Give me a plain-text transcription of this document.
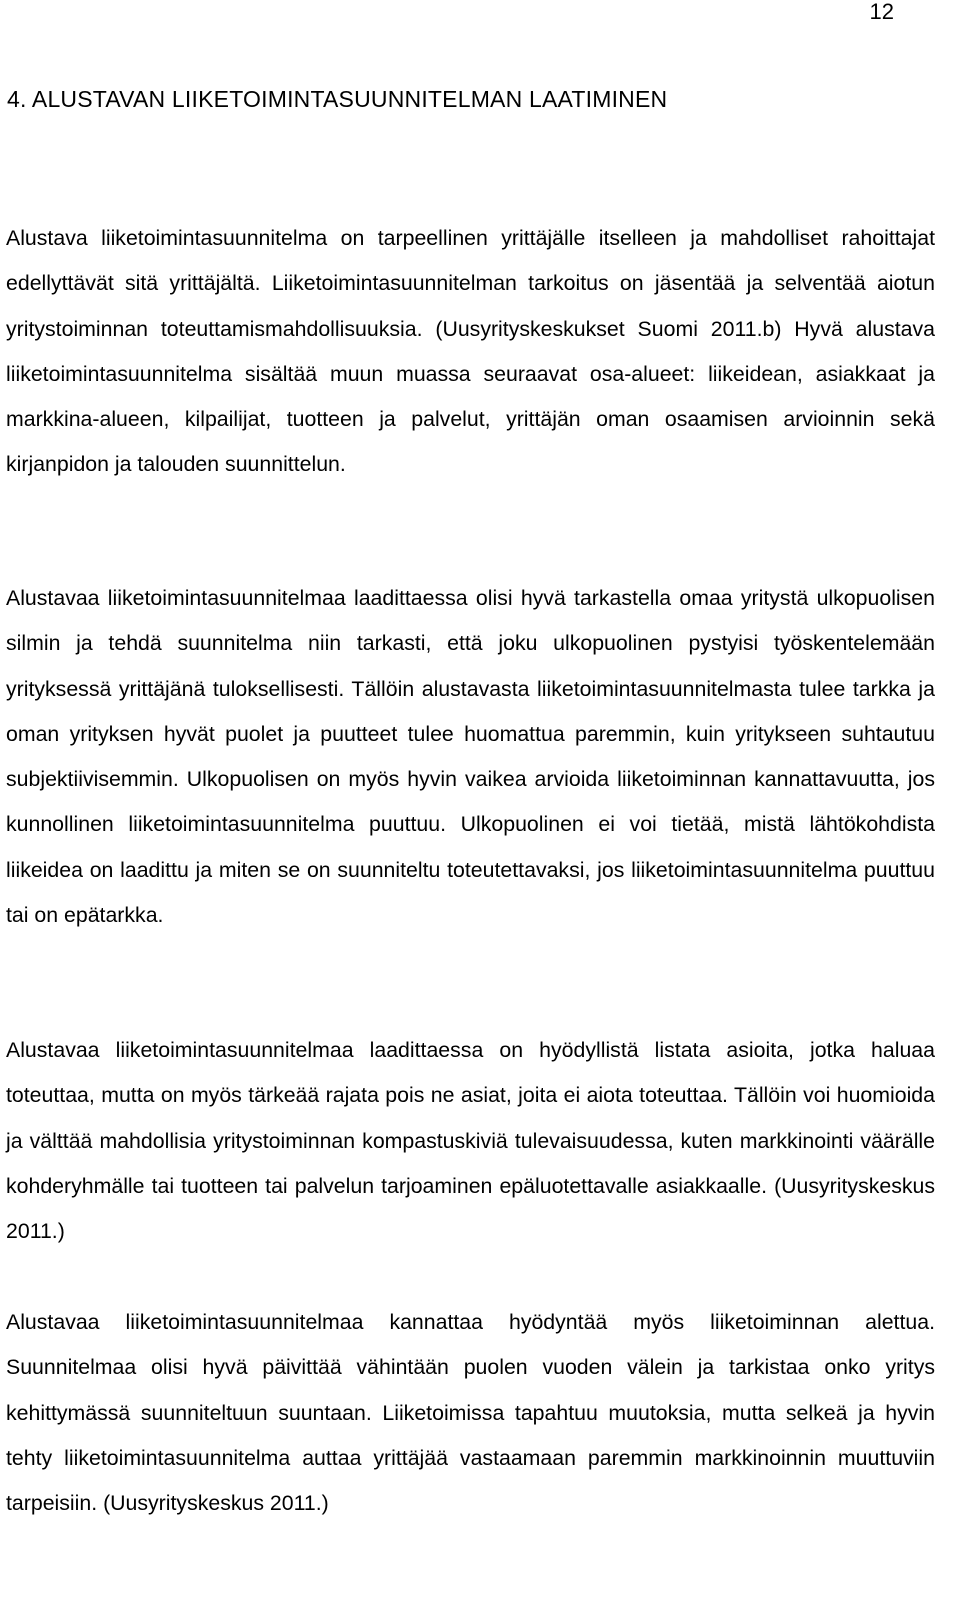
12
4. ALUSTAVAN LIIKETOIMINTASUUNNITELMAN LAATIMINEN

Alustava liiketoimintasuunnitelma on tarpeellinen yrittäjälle itselleen ja mahdolliset rahoittajat edellyttävät sitä yrittäjältä. Liiketoimintasuunnitelman tarkoitus on jäsentää ja selventää aiotun yritystoiminnan toteuttamismahdollisuuksia. (Uusyrityskeskukset Suomi 2011.b) Hyvä alustava liiketoimintasuunnitelma sisältää muun muassa seuraavat osa-alueet: liikeidean, asiakkaat ja markkina-alueen, kilpailijat, tuotteen ja palvelut, yrittäjän oman osaamisen arvioinnin sekä kirjanpidon ja talouden suunnittelun.

Alustavaa liiketoimintasuunnitelmaa laadittaessa olisi hyvä tarkastella omaa yritystä ulkopuolisen silmin ja tehdä suunnitelma niin tarkasti, että joku ulkopuolinen pystyisi työskentelemään yrityksessä yrittäjänä tuloksellisesti. Tällöin alustavasta liiketoimintasuunnitelmasta tulee tarkka ja oman yrityksen hyvät puolet ja puutteet tulee huomattua paremmin, kuin yritykseen suhtautuu subjektiivisemmin. Ulkopuolisen on myös hyvin vaikea arvioida liiketoiminnan kannattavuutta, jos kunnollinen liiketoimintasuunnitelma puuttuu. Ulkopuolinen ei voi tietää, mistä lähtökohdista liikeidea on laadittu ja miten se on suunniteltu toteutettavaksi, jos liiketoimintasuunnitelma puuttuu tai on epätarkka.

Alustavaa liiketoimintasuunnitelmaa laadittaessa on hyödyllistä listata asioita, jotka haluaa toteuttaa, mutta on myös tärkeää rajata pois ne asiat, joita ei aiota toteuttaa. Tällöin voi huomioida ja välttää mahdollisia yritystoiminnan kompastuskiviä tulevaisuudessa, kuten markkinointi väärälle kohderyhmälle tai tuotteen tai palvelun tarjoaminen epäluotettavalle asiakkaalle. (Uusyrityskeskus 2011.)

Alustavaa liiketoimintasuunnitelmaa kannattaa hyödyntää myös liiketoiminnan alettua. Suunnitelmaa olisi hyvä päivittää vähintään puolen vuoden välein ja tarkistaa onko yritys kehittymässä suunniteltuun suuntaan. Liiketoimissa tapahtuu muutoksia, mutta selkeä ja hyvin tehty liiketoimintasuunnitelma auttaa yrittäjää vastaamaan paremmin markkinoinnin muuttuviin tarpeisiin. (Uusyrityskeskus 2011.)
